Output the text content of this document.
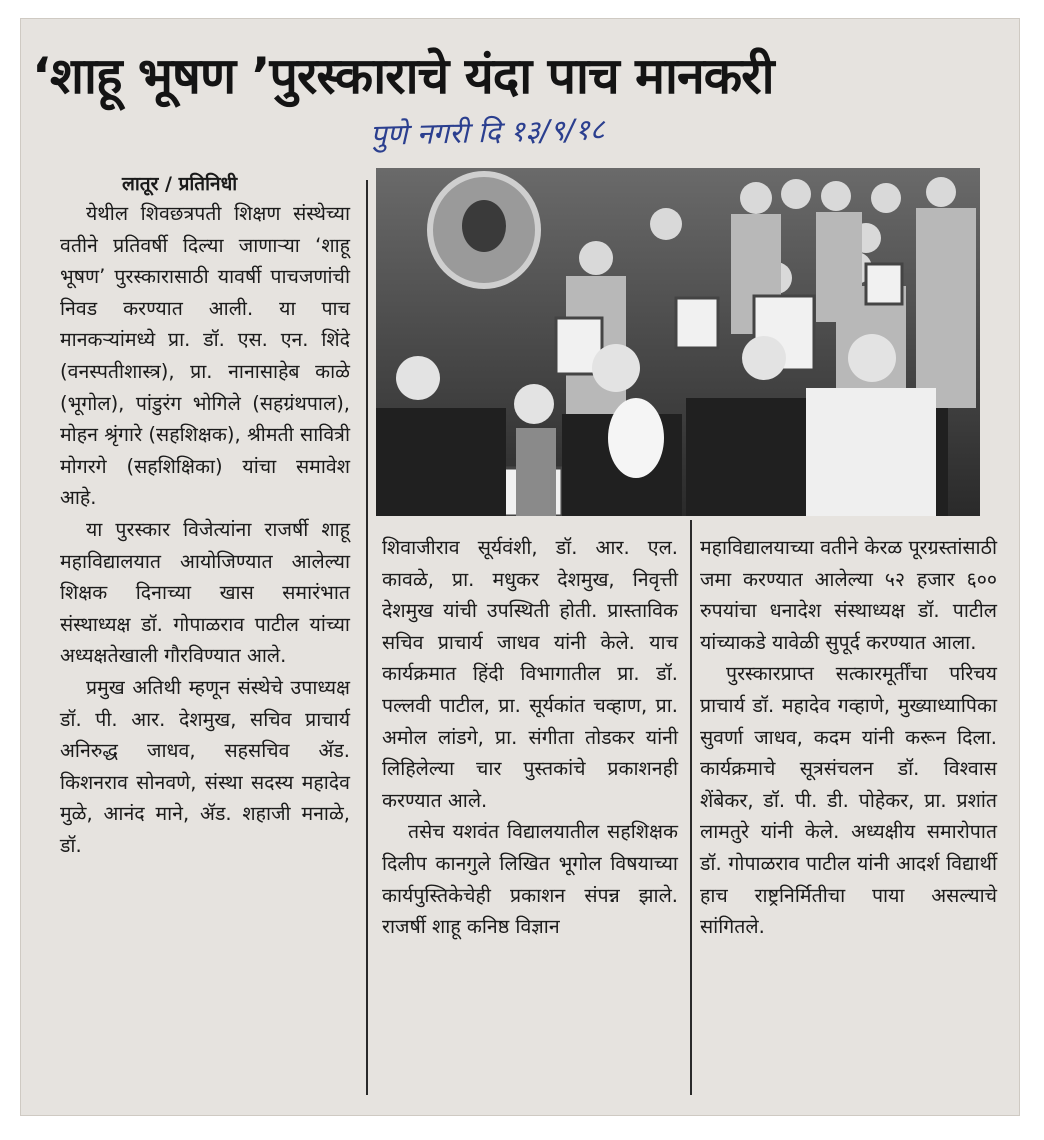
‘शाहू भूषण ’पुरस्काराचे यंदा पाच मानकरी
पुणे नगरी दि १३/९/१८
लातूर / प्रतिनिधी

येथील शिवछत्रपती शिक्षण संस्थेच्या वतीने प्रतिवर्षी दिल्या जाणाऱ्या ‘शाहू भूषण’ पुरस्कारासाठी यावर्षी पाचजणांची निवड करण्यात आली. या पाच मानकऱ्यांमध्ये प्रा. डॉ. एस. एन. शिंदे (वनस्पतीशास्त्र), प्रा. नानासाहेब काळे (भूगोल), पांडुरंग भोगिले (सहग्रंथपाल), मोहन श्रृंगारे (सहशिक्षक), श्रीमती सावित्री मोगरगे (सहशिक्षिका) यांचा समावेश आहे.

या पुरस्कार विजेत्यांना राजर्षी शाहू महाविद्यालयात आयोजिण्यात आलेल्या शिक्षक दिनाच्या खास समारंभात संस्थाध्यक्ष डॉ. गोपाळराव पाटील यांच्या अध्यक्षतेखाली गौरविण्यात आले.

प्रमुख अतिथी म्हणून संस्थेचे उपाध्यक्ष डॉ. पी. आर. देशमुख, सचिव प्राचार्य अनिरुद्ध जाधव, सहसचिव ॲड. किशनराव सोनवणे, संस्था सदस्य महादेव मुळे, आनंद माने, ॲड. शहाजी मनाळे, डॉ.

शिवाजीराव सूर्यवंशी, डॉ. आर. एल. कावळे, प्रा. मधुकर देशमुख, निवृत्ती देशमुख यांची उपस्थिती होती. प्रास्ताविक सचिव प्राचार्य जाधव यांनी केले. याच कार्यक्रमात हिंदी विभागातील प्रा. डॉ. पल्लवी पाटील, प्रा. सूर्यकांत चव्हाण, प्रा. अमोल लांडगे, प्रा. संगीता तोडकर यांनी लिहिलेल्या चार पुस्तकांचे प्रकाशनही करण्यात आले.

तसेच यशवंत विद्यालयातील सहशिक्षक दिलीप कानगुले लिखित भूगोल विषयाच्या कार्यपुस्तिकेचेही प्रकाशन संपन्न झाले. राजर्षी शाहू कनिष्ठ विज्ञान

महाविद्यालयाच्या वतीने केरळ पूरग्रस्तांसाठी जमा करण्यात आलेल्या ५२ हजार ६०० रुपयांचा धनादेश संस्थाध्यक्ष डॉ. पाटील यांच्याकडे यावेळी सुपूर्द करण्यात आला.

पुरस्कारप्राप्त सत्कारमूर्तींचा परिचय प्राचार्य डॉ. महादेव गव्हाणे, मुख्याध्यापिका सुवर्णा जाधव, कदम यांनी करून दिला. कार्यक्रमाचे सूत्रसंचलन डॉ. विश्वास शेंबेकर, डॉ. पी. डी. पोहेकर, प्रा. प्रशांत लामतुरे यांनी केले. अध्यक्षीय समारोपात डॉ. गोपाळराव पाटील यांनी आदर्श विद्यार्थी हाच राष्ट्रनिर्मितीचा पाया असल्याचे सांगितले.
